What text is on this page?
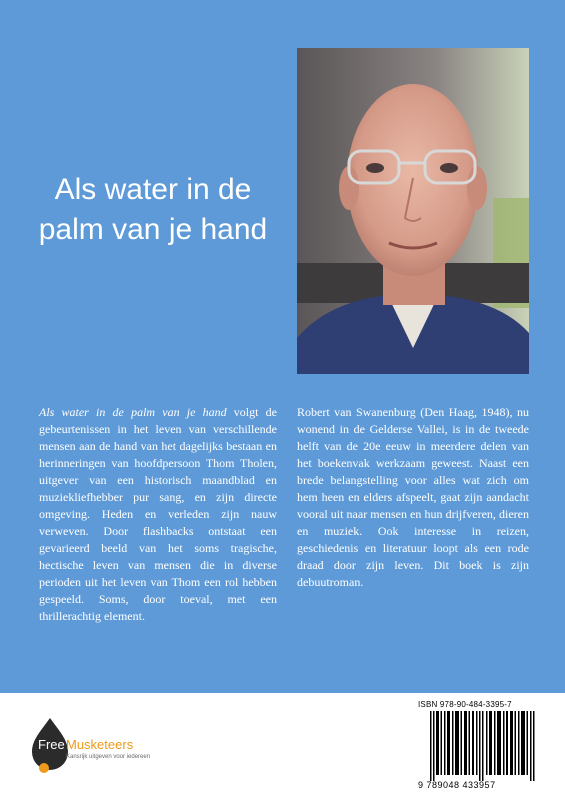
Als water in de
palm van je hand

Als water in de palm van je hand volgt de gebeurtenissen in het leven van verschillende mensen aan de hand van het dagelijks bestaan en herinneringen van hoofdpersoon Thom Tholen, uitgever van een historisch maandblad en muziekliefhebber pur sang, en zijn directe omgeving. Heden en verleden zijn nauw verweven. Door flashbacks ontstaat een gevarieerd beeld van het soms tragische, hectische leven van mensen die in diverse perioden uit het leven van Thom een rol hebben gespeeld. Soms, door toeval, met een thrillerachtig element.

Robert van Swanenburg (Den Haag, 1948), nu wonend in de Gelderse Vallei, is in de tweede helft van de 20e eeuw in meerdere delen van het boekenvak werkzaam geweest. Naast een brede belangstelling voor alles wat zich om hem heen en elders afspeelt, gaat zijn aandacht vooral uit naar mensen en hun drijfveren, dieren en muziek. Ook interesse in reizen, geschiedenis en literatuur loopt als een rode draad door zijn leven. Dit boek is zijn debuutroman.

Free Musketeers
Kansrijk uitgeven voor iedereen
ISBN 978-90-484-3395-7
9 789048 433957
